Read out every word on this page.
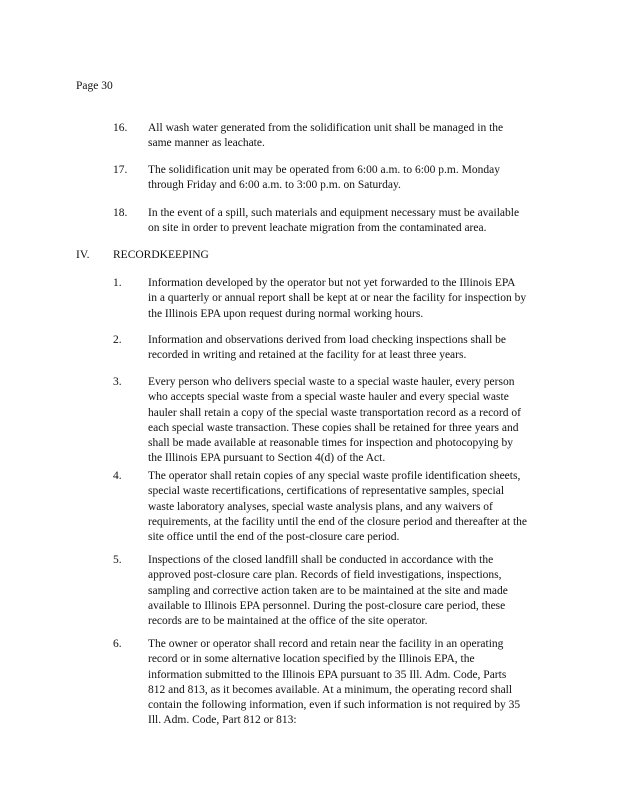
Page 30
16. All wash water generated from the solidification unit shall be managed in the
same manner as leachate.
17. The solidification unit may be operated from 6:00 a.m. to 6:00 p.m. Monday
through Friday and 6:00 a.m. to 3:00 p.m. on Saturday.
18. In the event of a spill, such materials and equipment necessary must be available
on site in order to prevent leachate migration from the contaminated area.
IV. RECORDKEEPING
1. Information developed by the operator but not yet forwarded to the Illinois EPA
in a quarterly or annual report shall be kept at or near the facility for inspection by
the Illinois EPA upon request during normal working hours.
2. Information and observations derived from load checking inspections shall be
recorded in writing and retained at the facility for at least three years.
3. Every person who delivers special waste to a special waste hauler, every person
who accepts special waste from a special waste hauler and every special waste
hauler shall retain a copy of the special waste transportation record as a record of
each special waste transaction. These copies shall be retained for three years and
shall be made available at reasonable times for inspection and photocopying by
the Illinois EPA pursuant to Section 4(d) of the Act.
4. The operator shall retain copies of any special waste profile identification sheets,
special waste recertifications, certifications of representative samples, special
waste laboratory analyses, special waste analysis plans, and any waivers of
requirements, at the facility until the end of the closure period and thereafter at the
site office until the end of the post-closure care period.
5. Inspections of the closed landfill shall be conducted in accordance with the
approved post-closure care plan. Records of field investigations, inspections,
sampling and corrective action taken are to be maintained at the site and made
available to Illinois EPA personnel. During the post-closure care period, these
records are to be maintained at the office of the site operator.
6. The owner or operator shall record and retain near the facility in an operating
record or in some alternative location specified by the Illinois EPA, the
information submitted to the Illinois EPA pursuant to 35 Ill. Adm. Code, Parts
812 and 813, as it becomes available. At a minimum, the operating record shall
contain the following information, even if such information is not required by 35
Ill. Adm. Code, Part 812 or 813:
